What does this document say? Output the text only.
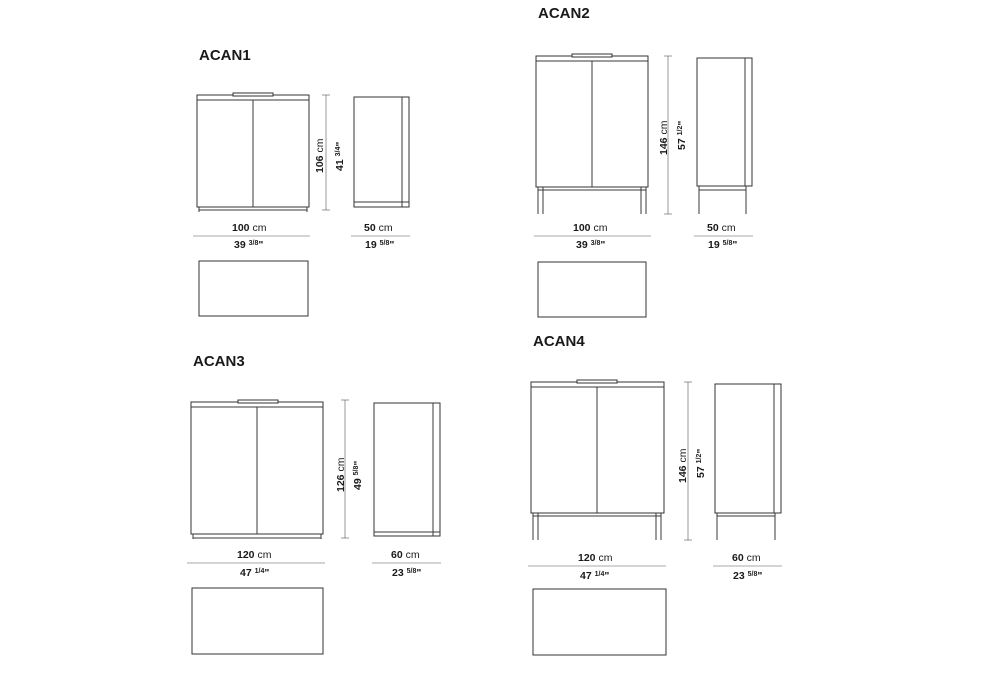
ACAN1
106 cm
41 $^{3/4}$"
100 cm
39 $^{3/8}$"
50 cm
19 $^{5/8}$"
ACAN2
146 cm
57 $^{1/2}$"
100 cm
39 $^{3/8}$"
50 cm
19 $^{5/8}$"
ACAN3
126 cm
49 $^{5/8}$"
120 cm
47 $^{1/4}$"
60 cm
23 $^{5/8}$"
ACAN4
146 cm
57 $^{1/2}$"
120 cm
47 $^{1/4}$"
60 cm
23 $^{5/8}$"
